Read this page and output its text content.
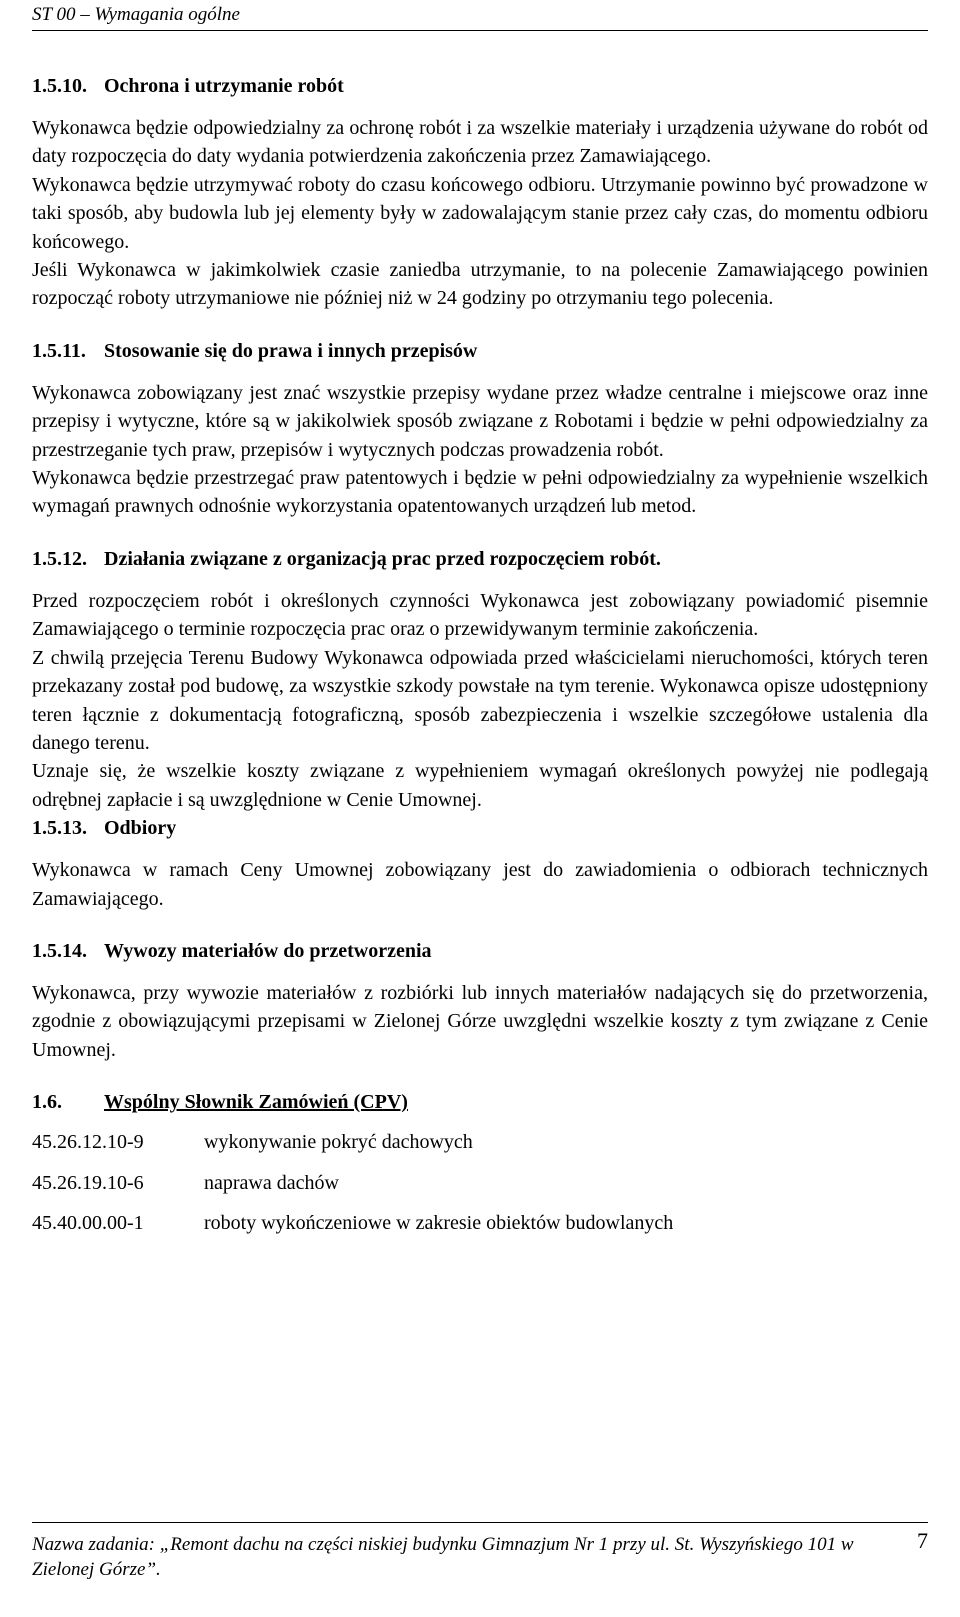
ST 00 – Wymagania ogólne

1.5.10. Ochrona i utrzymanie robót

Wykonawca będzie odpowiedzialny za ochronę robót i za wszelkie materiały i urządzenia używane do robót od daty rozpoczęcia do daty wydania potwierdzenia zakończenia przez Zamawiającego.

Wykonawca będzie utrzymywać roboty do czasu końcowego odbioru. Utrzymanie powinno być prowadzone w taki sposób, aby budowla lub jej elementy były w zadowalającym stanie przez cały czas, do momentu odbioru końcowego.

Jeśli Wykonawca w jakimkolwiek czasie zaniedba utrzymanie, to na polecenie Zamawiającego powinien rozpocząć roboty utrzymaniowe nie później niż w 24 godziny po otrzymaniu tego polecenia.

1.5.11. Stosowanie się do prawa i innych przepisów

Wykonawca zobowiązany jest znać wszystkie przepisy wydane przez władze centralne i miejscowe oraz inne przepisy i wytyczne, które są w jakikolwiek sposób związane z Robotami i będzie w pełni odpowiedzialny za przestrzeganie tych praw, przepisów i wytycznych podczas prowadzenia robót.

Wykonawca będzie przestrzegać praw patentowych i będzie w pełni odpowiedzialny za wypełnienie wszelkich wymagań prawnych odnośnie wykorzystania opatentowanych urządzeń lub metod.

1.5.12. Działania związane z organizacją prac przed rozpoczęciem robót.

Przed rozpoczęciem robót i określonych czynności Wykonawca jest zobowiązany powiadomić pisemnie Zamawiającego o terminie rozpoczęcia prac oraz o przewidywanym terminie zakończenia.

Z chwilą przejęcia Terenu Budowy Wykonawca odpowiada przed właścicielami nieruchomości, których teren przekazany został pod budowę, za wszystkie szkody powstałe na tym terenie. Wykonawca opisze udostępniony teren łącznie z dokumentacją fotograficzną, sposób zabezpieczenia i wszelkie szczegółowe ustalenia dla danego terenu.

Uznaje się, że wszelkie koszty związane z wypełnieniem wymagań określonych powyżej nie podlegają odrębnej zapłacie i są uwzględnione w Cenie Umownej.

1.5.13. Odbiory

Wykonawca w ramach Ceny Umownej zobowiązany jest do zawiadomienia o odbiorach technicznych Zamawiającego.

1.5.14. Wywozy materiałów do przetworzenia

Wykonawca, przy wywozie materiałów z rozbiórki lub innych materiałów nadających się do przetworzenia, zgodnie z obowiązującymi przepisami w Zielonej Górze uwzględni wszelkie koszty z tym związane z Cenie Umownej.

1.6. Wspólny Słownik Zamówień (CPV)

45.26.12.10-9	wykonywanie pokryć dachowych
45.26.19.10-6	naprawa dachów
45.40.00.00-1	roboty wykończeniowe w zakresie obiektów budowlanych
Nazwa zadania: „Remont dachu na części niskiej budynku Gimnazjum Nr 1 przy ul. St. Wyszyńskiego 101 w Zielonej Górze”.
7
